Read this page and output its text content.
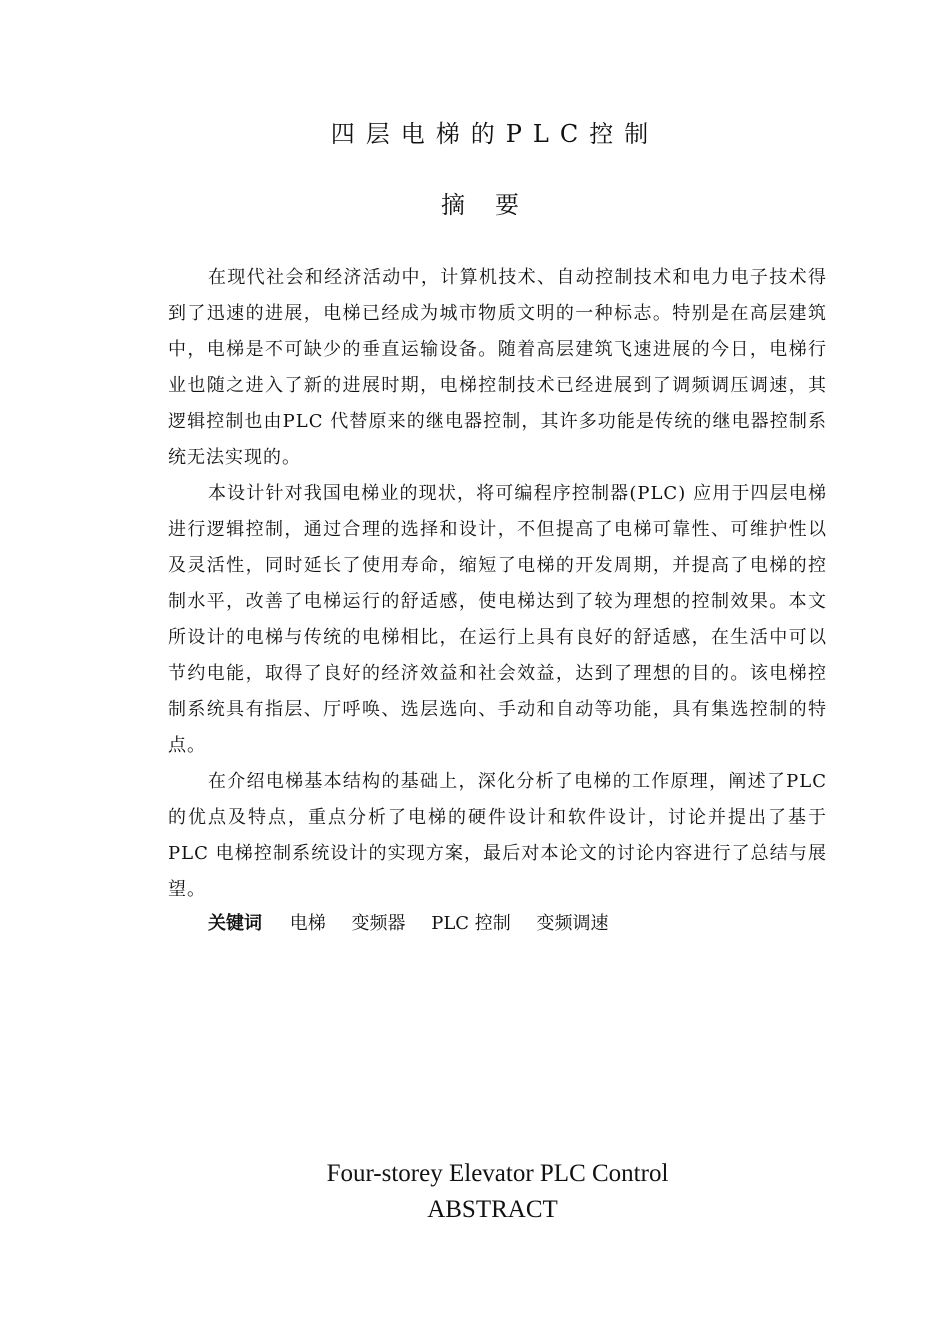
四层电梯的PLC控制
摘要

在现代社会和经济活动中，计算机技术、自动控制技术和电力电子技术得到了迅速的进展，电梯已经成为城市物质文明的一种标志。特别是在高层建筑中，电梯是不可缺少的垂直运输设备。随着高层建筑飞速进展的今日，电梯行业也随之进入了新的进展时期，电梯控制技术已经进展到了调频调压调速，其逻辑控制也由PLC 代替原来的继电器控制，其许多功能是传统的继电器控制系统无法实现的。

本设计针对我国电梯业的现状，将可编程序控制器(PLC) 应用于四层电梯进行逻辑控制，通过合理的选择和设计，不但提高了电梯可靠性、可维护性以及灵活性，同时延长了使用寿命，缩短了电梯的开发周期，并提高了电梯的控制水平，改善了电梯运行的舒适感，使电梯达到了较为理想的控制效果。本文所设计的电梯与传统的电梯相比，在运行上具有良好的舒适感，在生活中可以节约电能，取得了良好的经济效益和社会效益，达到了理想的目的。该电梯控制系统具有指层、厅呼唤、选层选向、手动和自动等功能，具有集选控制的特点。

在介绍电梯基本结构的基础上，深化分析了电梯的工作原理，阐述了PLC 的优点及特点，重点分析了电梯的硬件设计和软件设计，讨论并提出了基于PLC 电梯控制系统设计的实现方案，最后对本论文的讨论内容进行了总结与展望。

关键词 电梯 变频器 PLC 控制 变频调速
Four-storey Elevator PLC Control
ABSTRACT
